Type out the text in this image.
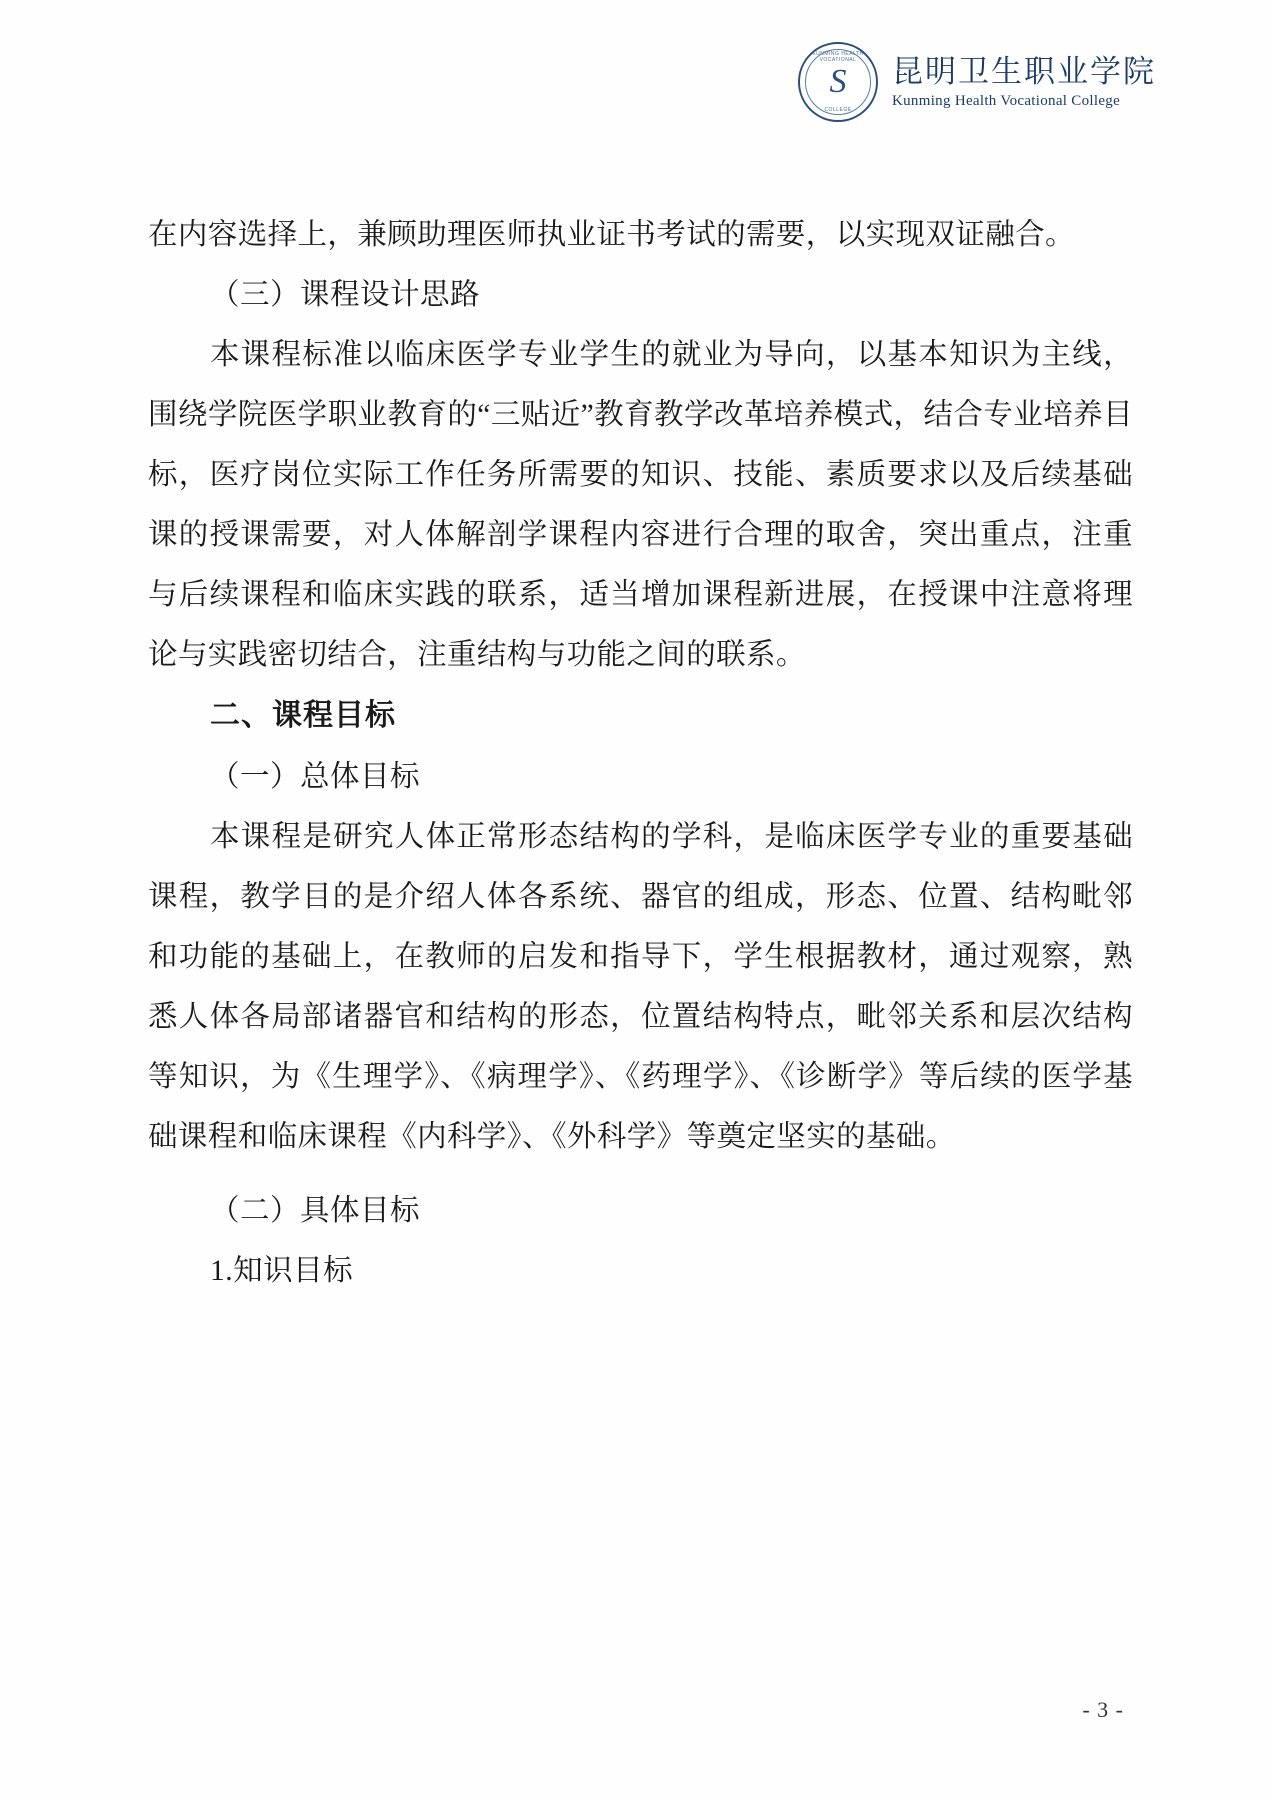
KUNMING HEALTH VOCATIONAL
S
COLLEGE
昆明卫生职业学院
Kunming Health Vocational College

在内容选择上，兼顾助理医师执业证书考试的需要，以实现双证融合。

（三）课程设计思路

本课程标准以临床医学专业学生的就业为导向，以基本知识为主线，围绕学院医学职业教育的“三贴近”教育教学改革培养模式，结合专业培养目标，医疗岗位实际工作任务所需要的知识、技能、素质要求以及后续基础课的授课需要，对人体解剖学课程内容进行合理的取舍，突出重点，注重与后续课程和临床实践的联系，适当增加课程新进展，在授课中注意将理论与实践密切结合，注重结构与功能之间的联系。

二、课程目标

（一）总体目标

本课程是研究人体正常形态结构的学科，是临床医学专业的重要基础课程，教学目的是介绍人体各系统、器官的组成，形态、位置、结构毗邻和功能的基础上，在教师的启发和指导下，学生根据教材，通过观察，熟悉人体各局部诸器官和结构的形态，位置结构特点，毗邻关系和层次结构等知识，为《生理学》、《病理学》、《药理学》、《诊断学》等后续的医学基础课程和临床课程《内科学》、《外科学》等奠定坚实的基础。

（二）具体目标

1.知识目标

- 3 -
